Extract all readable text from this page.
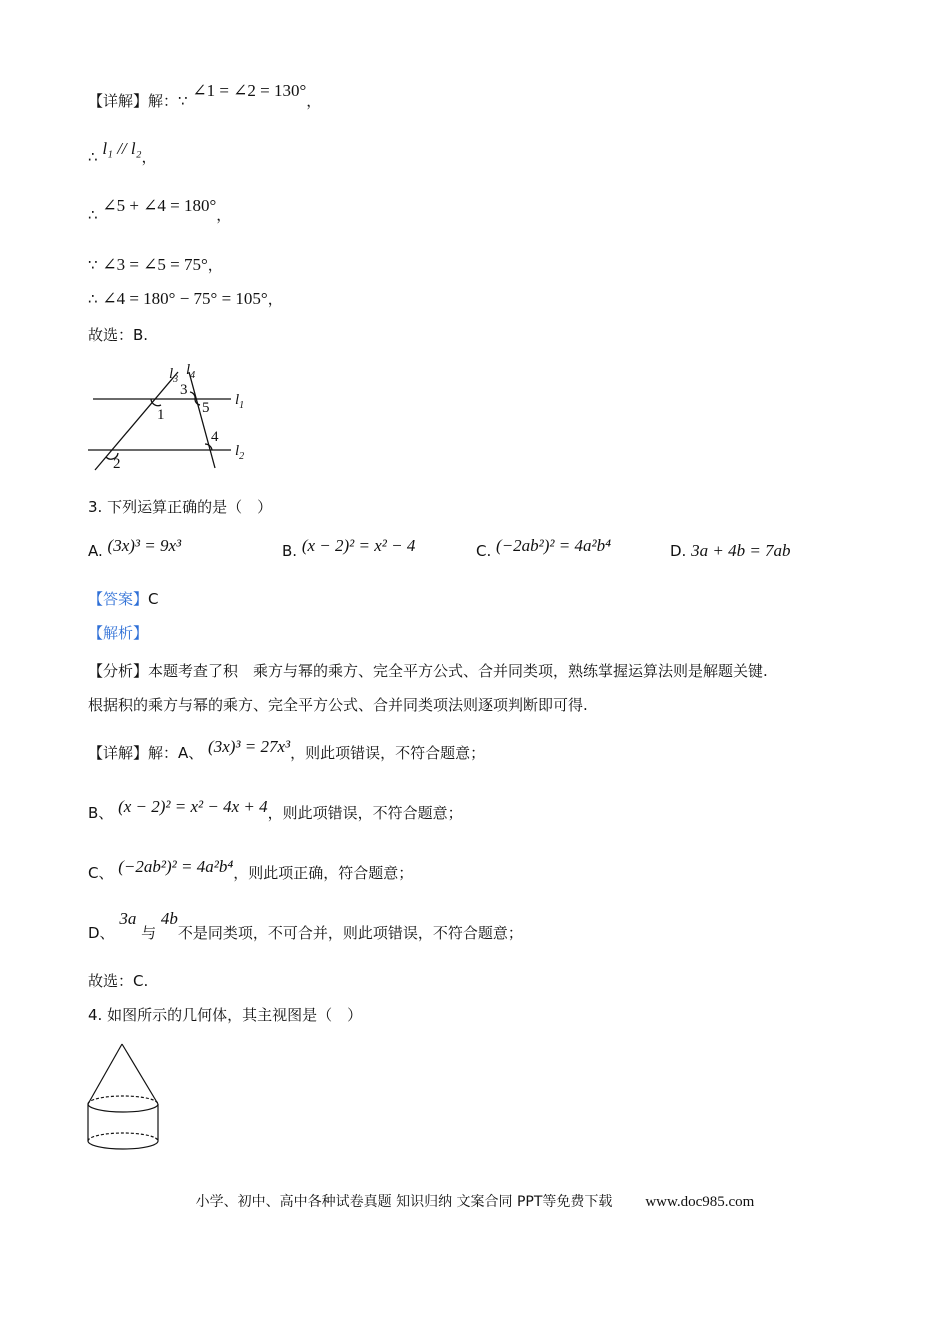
【详解】解：∵ ∠1 = ∠2 = 130°，
∴ l₁ // l₂，
∴ ∠5 + ∠4 = 180°，
∵ ∠3 = ∠5 = 75°，
∴ ∠4 = 180° − 75° = 105°，
故选：B.
$l_3$
$l_4$
$l_1$
$l_2$
1
2
3
5
4
3. 下列运算正确的是（　）
A. (3x)³ = 9x³	B. (x − 2)² = x² − 4	C. (−2ab²)² = 4a²b⁴	D. 3a + 4b = 7ab
【答案】C
【解析】
【分析】本题考查了积　乘方与幂的乘方、完全平方公式、合并同类项，熟练掌握运算法则是解题关键.
根据积的乘方与幂的乘方、完全平方公式、合并同类项法则逐项判断即可得.
【详解】解：A、 (3x)³ = 27x³，则此项错误，不符合题意；
B、 (x − 2)² = x² − 4x + 4，则此项错误，不符合题意；
C、 (−2ab²)² = 4a²b⁴，则此项正确，符合题意；
D、 3a 与 4b不是同类项，不可合并，则此项错误，不符合题意；
故选：C.
4. 如图所示的几何体，其主视图是（　）
小学、初中、高中各种试卷真题 知识归纳 文案合同 PPT等免费下载 www.doc985.com
